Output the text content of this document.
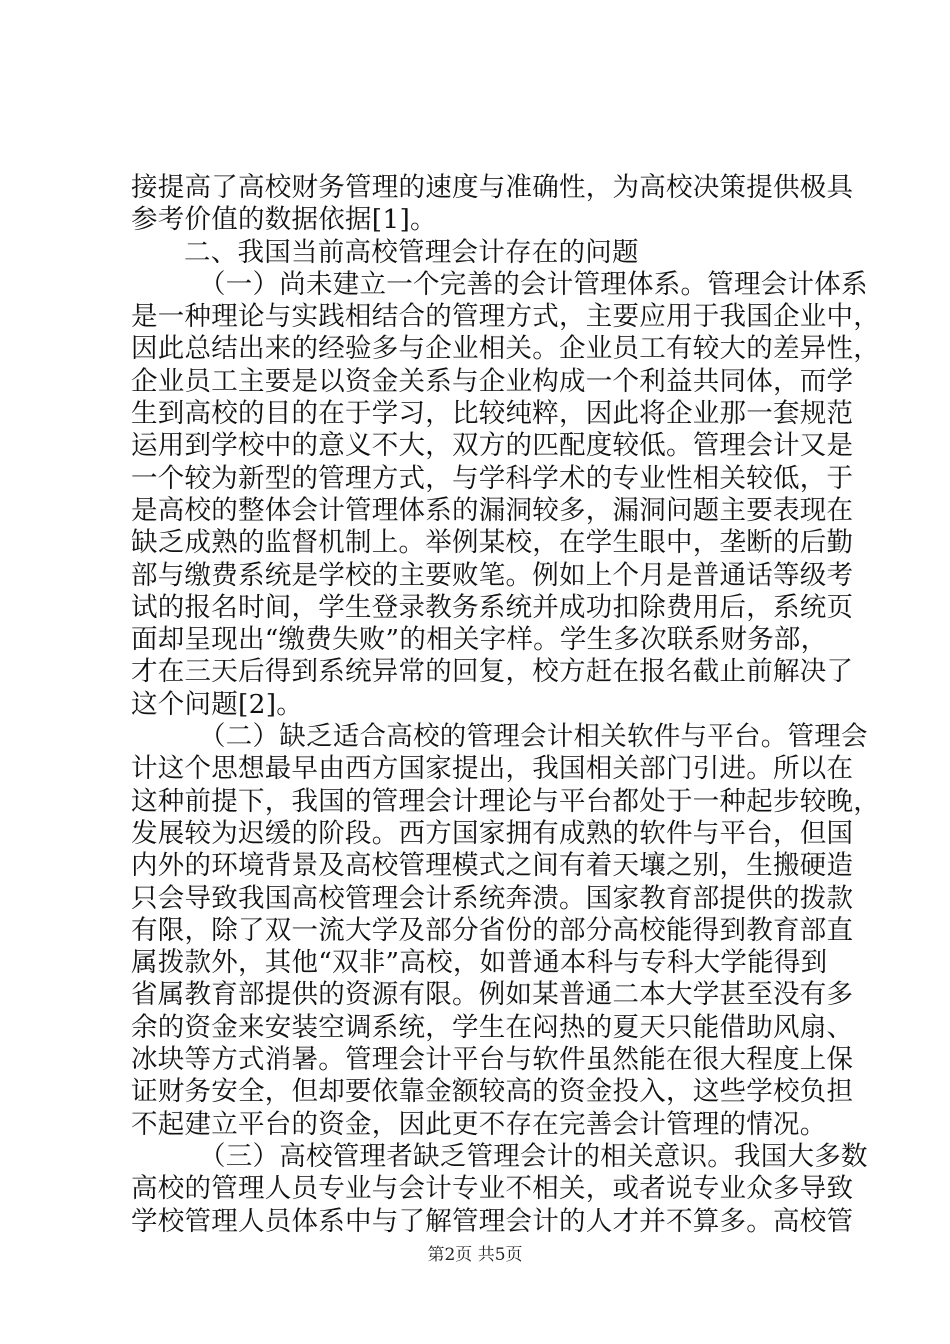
接提高了高校财务管理的速度与准确性，为高校决策提供极具
参考价值的数据依据[1]。
二、我国当前高校管理会计存在的问题
（一）尚未建立一个完善的会计管理体系。管理会计体系
是一种理论与实践相结合的管理方式，主要应用于我国企业中，
因此总结出来的经验多与企业相关。企业员工有较大的差异性，
企业员工主要是以资金关系与企业构成一个利益共同体，而学
生到高校的目的在于学习，比较纯粹，因此将企业那一套规范
运用到学校中的意义不大，双方的匹配度较低。管理会计又是
一个较为新型的管理方式，与学科学术的专业性相关较低，于
是高校的整体会计管理体系的漏洞较多，漏洞问题主要表现在
缺乏成熟的监督机制上。举例某校，在学生眼中，垄断的后勤
部与缴费系统是学校的主要败笔。例如上个月是普通话等级考
试的报名时间，学生登录教务系统并成功扣除费用后，系统页
面却呈现出“缴费失败”的相关字样。学生多次联系财务部，
才在三天后得到系统异常的回复，校方赶在报名截止前解决了
这个问题[2]。
（二）缺乏适合高校的管理会计相关软件与平台。管理会
计这个思想最早由西方国家提出，我国相关部门引进。所以在
这种前提下，我国的管理会计理论与平台都处于一种起步较晚，
发展较为迟缓的阶段。西方国家拥有成熟的软件与平台，但国
内外的环境背景及高校管理模式之间有着天壤之别，生搬硬造
只会导致我国高校管理会计系统奔溃。国家教育部提供的拨款
有限，除了双一流大学及部分省份的部分高校能得到教育部直
属拨款外，其他“双非”高校，如普通本科与专科大学能得到
省属教育部提供的资源有限。例如某普通二本大学甚至没有多
余的资金来安装空调系统，学生在闷热的夏天只能借助风扇、
冰块等方式消暑。管理会计平台与软件虽然能在很大程度上保
证财务安全，但却要依靠金额较高的资金投入，这些学校负担
不起建立平台的资金，因此更不存在完善会计管理的情况。
（三）高校管理者缺乏管理会计的相关意识。我国大多数
高校的管理人员专业与会计专业不相关，或者说专业众多导致
学校管理人员体系中与了解管理会计的人才并不算多。高校管
第2页 共5页
